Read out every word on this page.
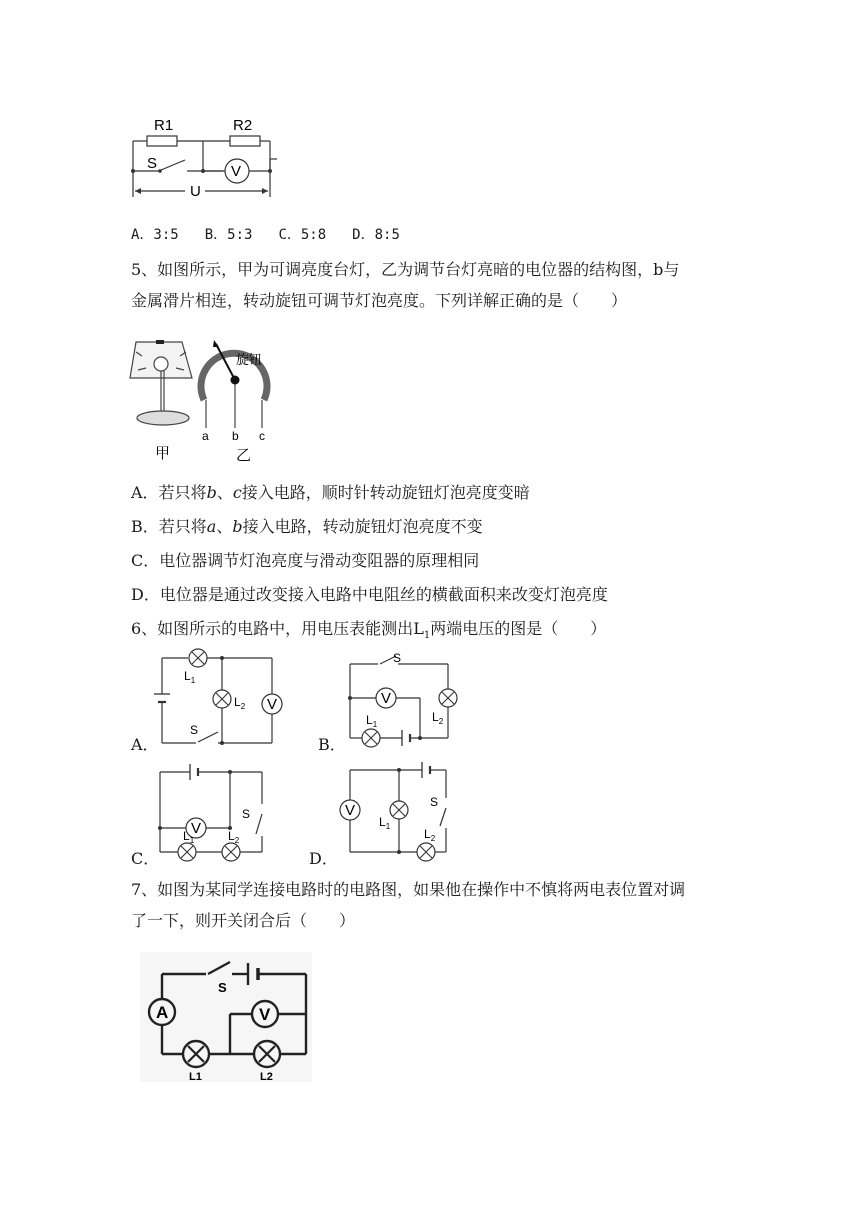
R1	R2
S	V
U
A．3:5 B．5:3 C．5:8 D．8:5
5、如图所示，甲为可调亮度台灯，乙为调节台灯亮暗的电位器的结构图，b与
金属滑片相连，转动旋钮可调节灯泡亮度。下列详解正确的是（　　）
旋钮
a b c
甲	乙
A．若只将b、c接入电路，顺时针转动旋钮灯泡亮度变暗
B．若只将a、b接入电路，转动旋钮灯泡亮度不变
C．电位器调节灯泡亮度与滑动变阻器的原理相同
D．电位器是通过改变接入电路中电阻丝的横截面积来改变灯泡亮度
6、如图所示的电路中，用电压表能测出$L_1$两端电压的图是（　　）
A．
V
$L_1$
$L_2$
S
B．
S
V
$L_1$
$L_2$
C．
V
S
$L_1$	$L_2$
D．
V	S
$L_1$
$L_2$
7、如图为某同学连接电路时的电路图，如果他在操作中不慎将两电表位置对调
了一下，则开关闭合后（　　）
A	V
S
L1	L2
